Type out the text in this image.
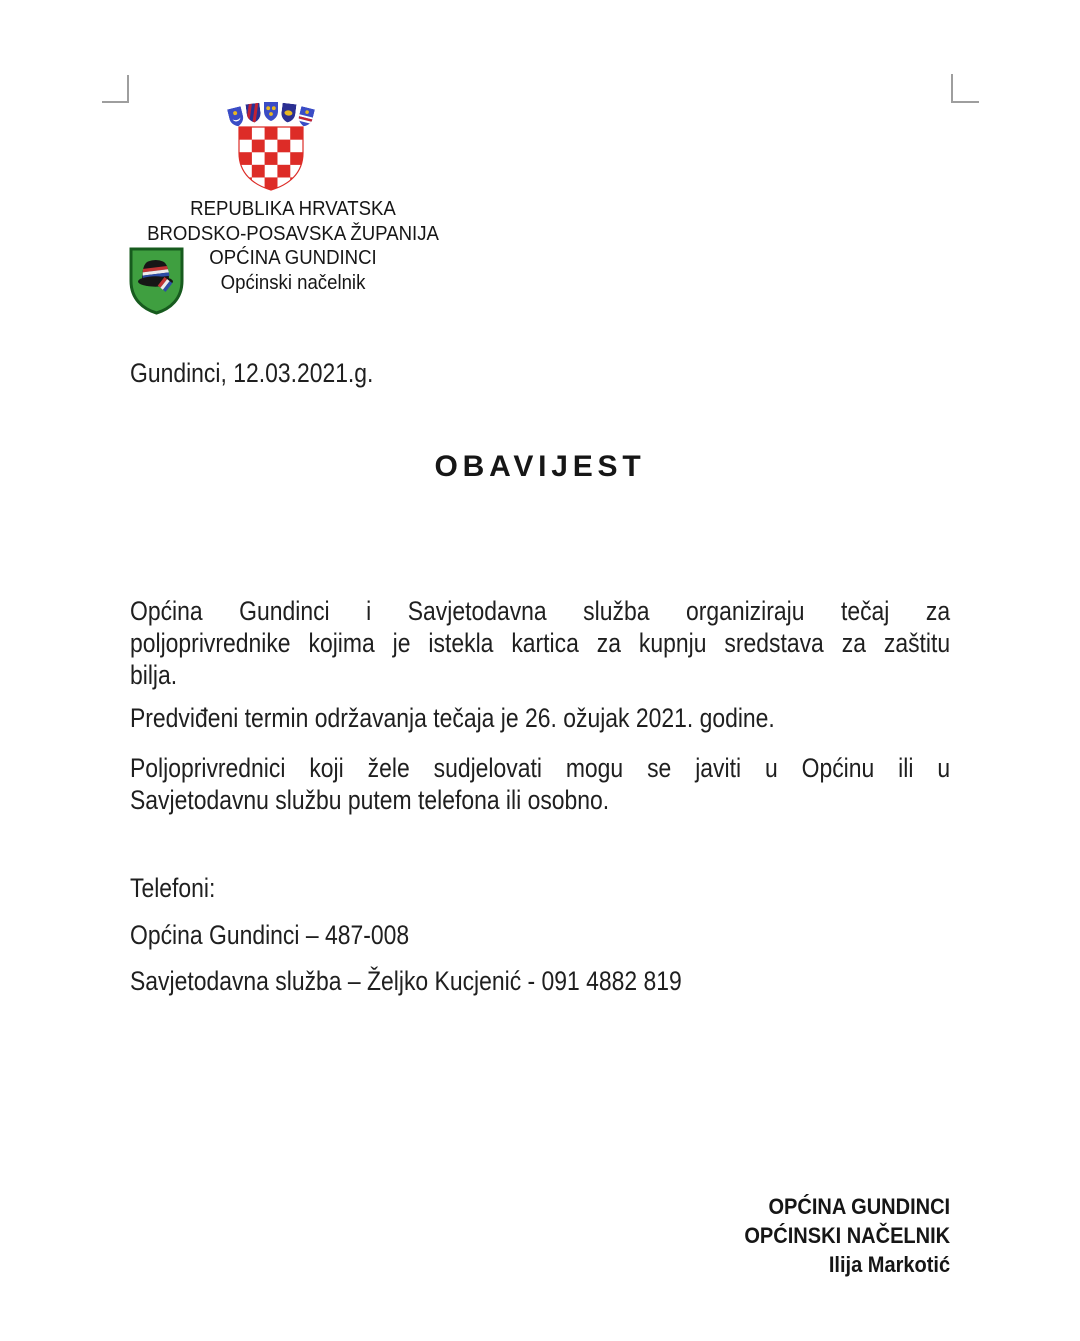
REPUBLIKA HRVATSKA
BRODSKO-POSAVSKA ŽUPANIJA
OPĆINA GUNDINCI
Općinski načelnik
Gundinci, 12.03.2021.g.
OBAVIJEST
Općina Gundinci i Savjetodavna služba organiziraju tečaj za
poljoprivrednike kojima je istekla kartica za kupnju sredstava za zaštitu
bilja.
Predviđeni termin održavanja tečaja je 26. ožujak 2021. godine.
Poljoprivrednici koji žele sudjelovati mogu se javiti u Općinu ili u
Savjetodavnu službu putem telefona ili osobno.
Telefoni:
Općina Gundinci – 487-008
Savjetodavna služba – Željko Kucjenić - 091 4882 819
OPĆINA GUNDINCI
OPĆINSKI NAČELNIK
Ilija Markotić
